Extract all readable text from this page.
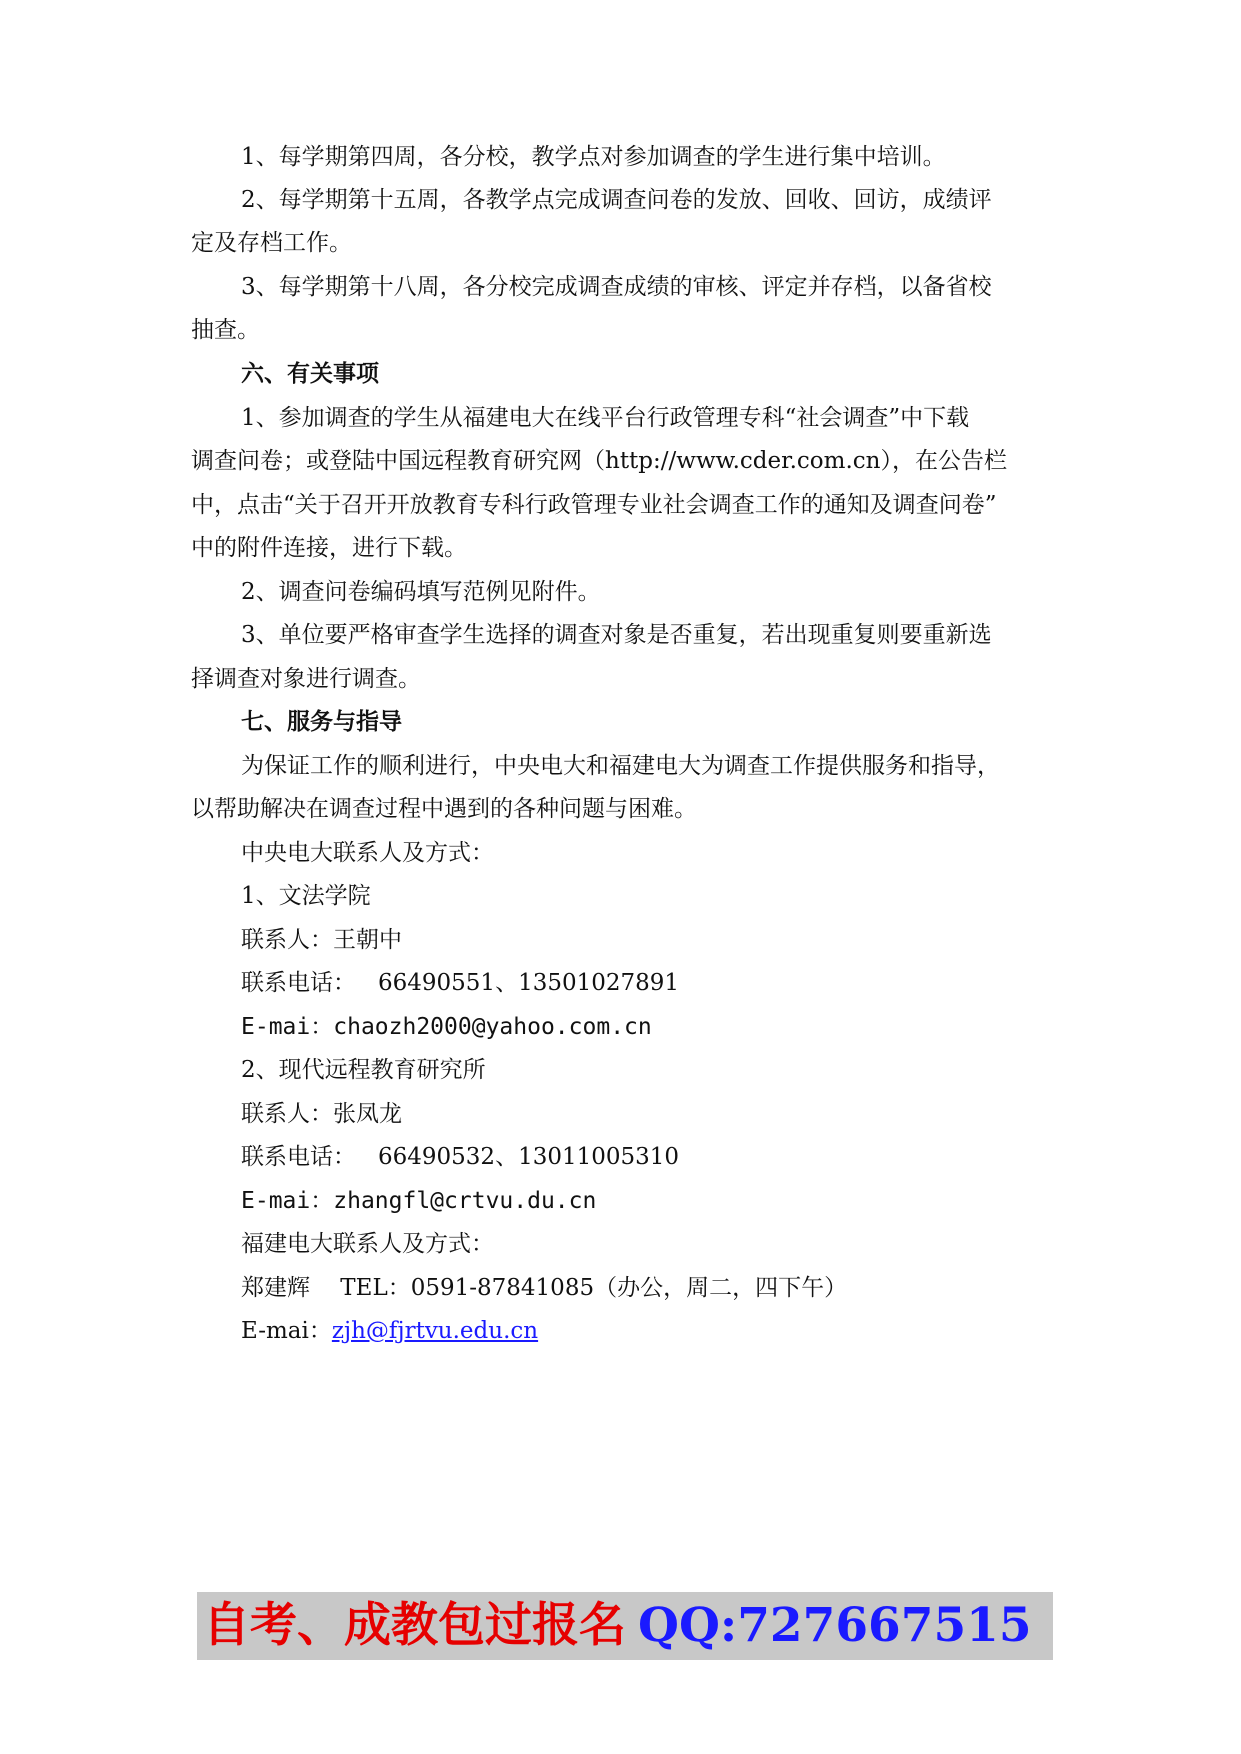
1、每学期第四周，各分校，教学点对参加调查的学生进行集中培训。
2、每学期第十五周，各教学点完成调查问卷的发放、回收、回访，成绩评
定及存档工作。
3、每学期第十八周，各分校完成调查成绩的审核、评定并存档，以备省校
抽查。
六、有关事项
1、参加调查的学生从福建电大在线平台行政管理专科“社会调查”中下载
调查问卷；或登陆中国远程教育研究网（http://www.cder.com.cn），在公告栏
中，点击“关于召开开放教育专科行政管理专业社会调查工作的通知及调查问卷”
中的附件连接，进行下载。
2、调查问卷编码填写范例见附件。
3、单位要严格审查学生选择的调查对象是否重复，若出现重复则要重新选
择调查对象进行调查。
七、服务与指导
为保证工作的顺利进行，中央电大和福建电大为调查工作提供服务和指导，
以帮助解决在调查过程中遇到的各种问题与困难。
中央电大联系人及方式：
1、文法学院
联系人：王朝中
联系电话： 66490551、13501027891
E-mai：chaozh2000@yahoo.com.cn
2、现代远程教育研究所
联系人：张凤龙
联系电话： 66490532、13011005310
E-mai：zhangfl@crtvu.du.cn
福建电大联系人及方式：
郑建辉　 TEL：0591-87841085（办公，周二，四下午）
E-mai：zjh@fjrtvu.edu.cn
自考、成教包过报名 QQ:727667515
